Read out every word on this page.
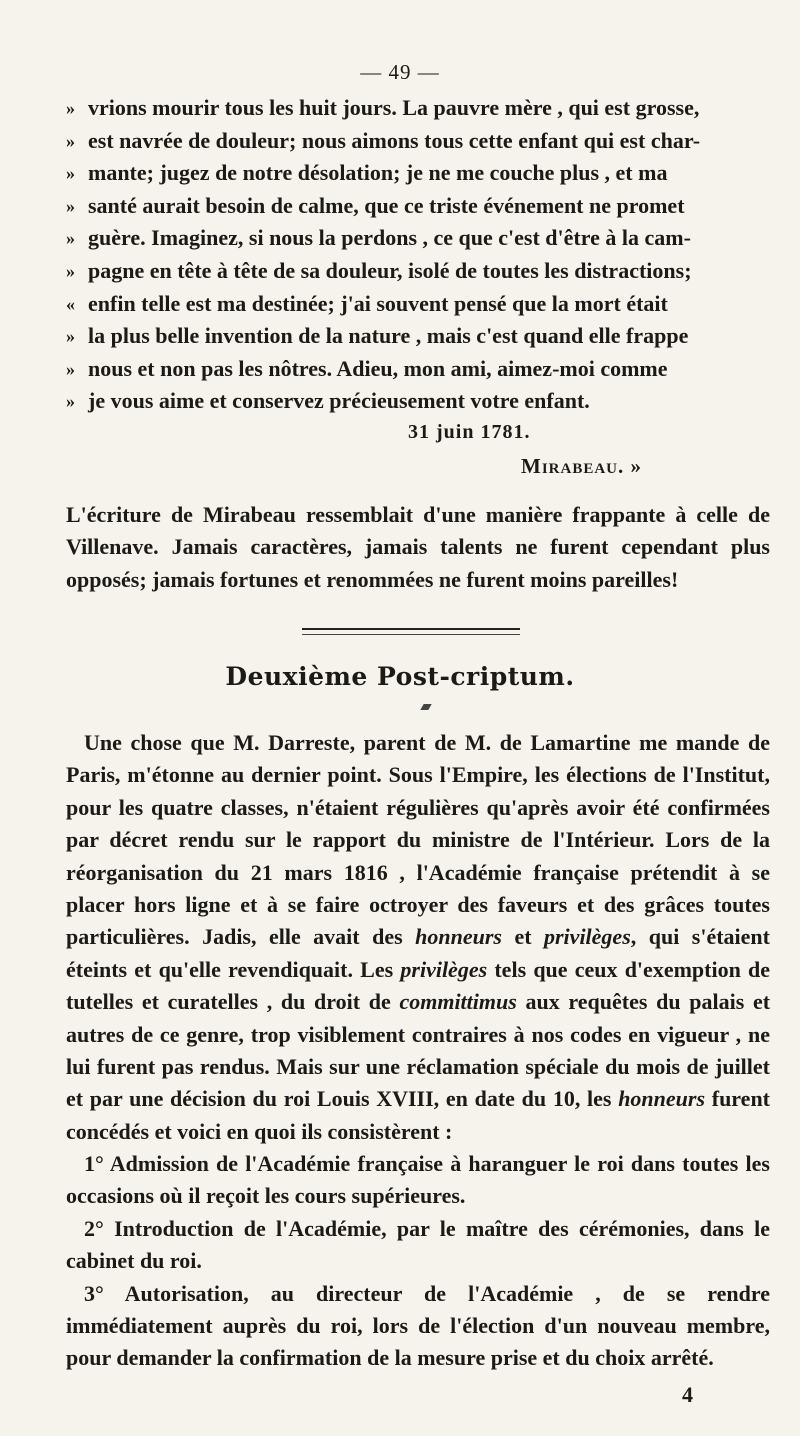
— 49 —
» vrions mourir tous les huit jours. La pauvre mère , qui est grosse,
» est navrée de douleur; nous aimons tous cette enfant qui est char-
» mante; jugez de notre désolation; je ne me couche plus , et ma
» santé aurait besoin de calme, que ce triste événement ne promet
» guère. Imaginez, si nous la perdons , ce que c'est d'être à la cam-
» pagne en tête à tête de sa douleur, isolé de toutes les distractions;
« enfin telle est ma destinée; j'ai souvent pensé que la mort était
» la plus belle invention de la nature , mais c'est quand elle frappe
» nous et non pas les nôtres. Adieu, mon ami, aimez-moi comme
» je vous aime et conservez précieusement votre enfant.
31 juin 1781.
Mirabeau. »
L'écriture de Mirabeau ressemblait d'une manière frappante à celle de Villenave. Jamais caractères, jamais talents ne furent cependant plus opposés; jamais fortunes et renommées ne furent moins pareilles!
Deuxième Post-criptum.
Une chose que M. Darreste, parent de M. de Lamartine me mande de Paris, m'étonne au dernier point. Sous l'Empire, les élections de l'Institut, pour les quatre classes, n'étaient régulières qu'après avoir été confirmées par décret rendu sur le rapport du ministre de l'Intérieur. Lors de la réorganisation du 21 mars 1816 , l'Académie française prétendit à se placer hors ligne et à se faire octroyer des faveurs et des grâces toutes particulières. Jadis, elle avait des honneurs et privilèges, qui s'étaient éteints et qu'elle revendiquait. Les privilèges tels que ceux d'exemption de tutelles et curatelles , du droit de committimus aux requêtes du palais et autres de ce genre, trop visiblement contraires à nos codes en vigueur , ne lui furent pas rendus. Mais sur une réclamation spéciale du mois de juillet et par une décision du roi Louis XVIII, en date du 10, les honneurs furent concédés et voici en quoi ils consistèrent :

1° Admission de l'Académie française à haranguer le roi dans toutes les occasions où il reçoit les cours supérieures.

2° Introduction de l'Académie, par le maître des cérémonies, dans le cabinet du roi.

3° Autorisation, au directeur de l'Académie , de se rendre immédiatement auprès du roi, lors de l'élection d'un nouveau membre, pour demander la confirmation de la mesure prise et du choix arrêté.

4
